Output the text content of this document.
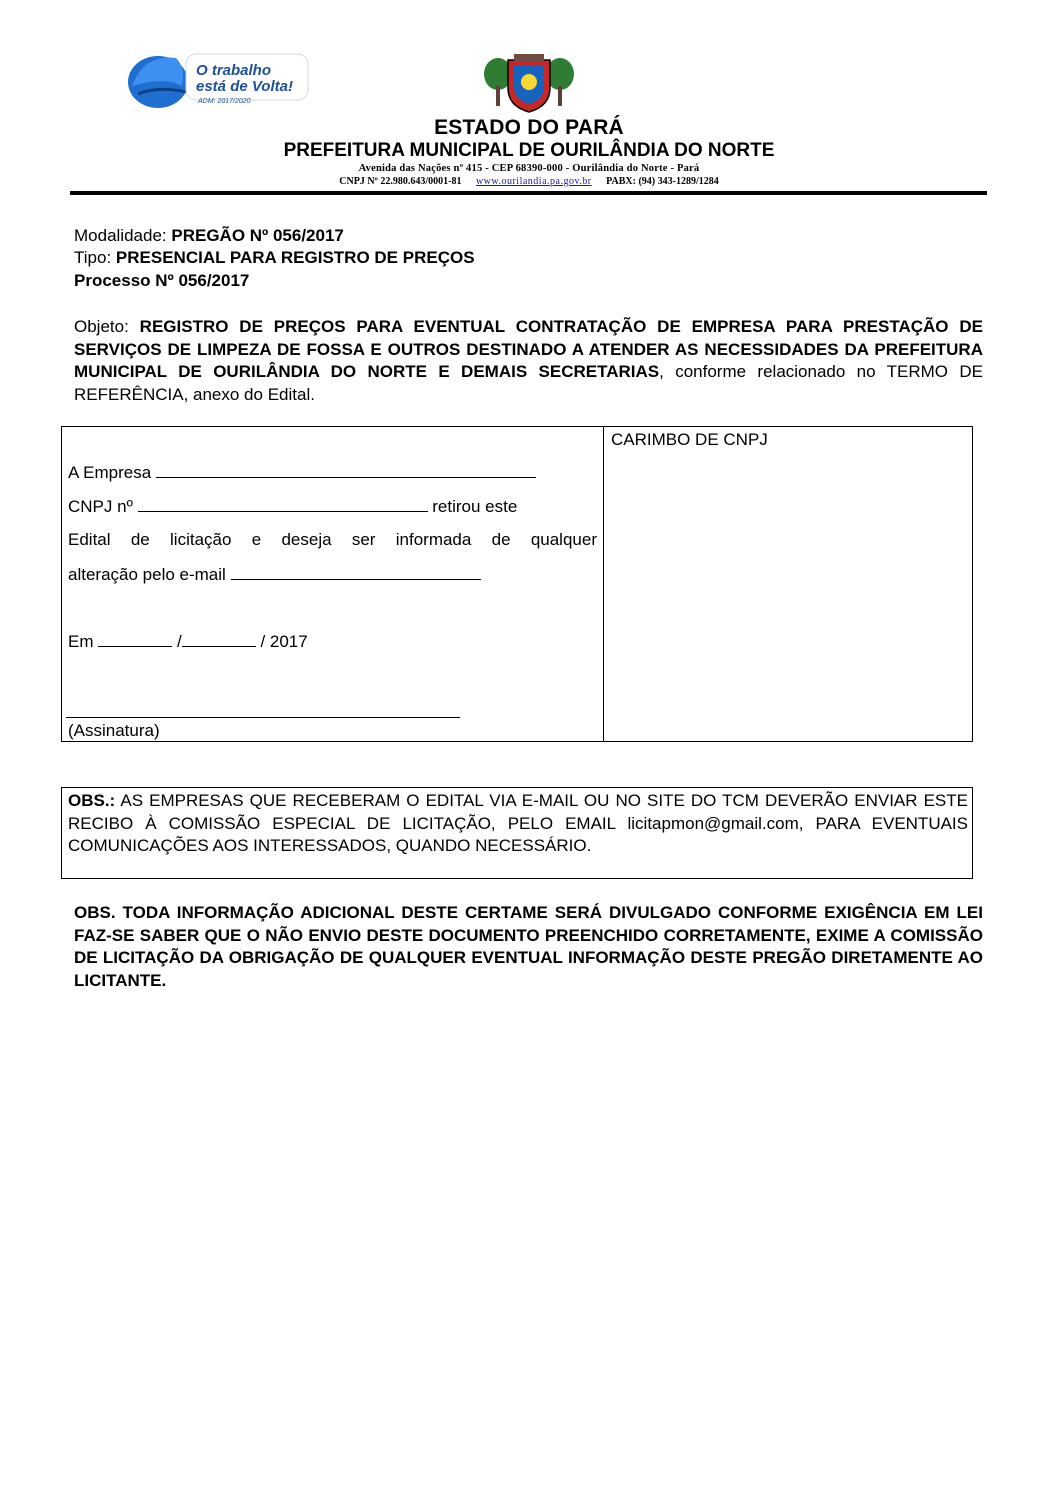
O trabalho
está de Volta!
ADM: 2017/2020
ESTADO DO PARÁ
PREFEITURA MUNICIPAL DE OURILÂNDIA DO NORTE
Avenida das Nações nº 415 - CEP 68390-000 - Ourilândia do Norte - Pará
CNPJ Nº 22.980.643/0001-81 www.ourilandia.pa.gov.br PABX: (94) 343-1289/1284
Modalidade: PREGÃO Nº 056/2017
Tipo: PRESENCIAL PARA REGISTRO DE PREÇOS
Processo Nº 056/2017
Objeto: REGISTRO DE PREÇOS PARA EVENTUAL CONTRATAÇÃO DE EMPRESA PARA PRESTAÇÃO DE SERVIÇOS DE LIMPEZA DE FOSSA E OUTROS DESTINADO A ATENDER AS NECESSIDADES DA PREFEITURA MUNICIPAL DE OURILÂNDIA DO NORTE E DEMAIS SECRETARIAS, conforme relacionado no TERMO DE REFERÊNCIA, anexo do Edital.
CARIMBO DE CNPJ
A Empresa
CNPJ nº	retirou este
Edital de licitação e deseja ser informada de qualquer
alteração pelo e-mail
Em	/	/ 2017
(Assinatura)
OBS.: AS EMPRESAS QUE RECEBERAM O EDITAL VIA E-MAIL OU NO SITE DO TCM DEVERÃO ENVIAR ESTE RECIBO À COMISSÃO ESPECIAL DE LICITAÇÃO, PELO EMAIL licitapmon@gmail.com, PARA EVENTUAIS COMUNICAÇÕES AOS INTERESSADOS, QUANDO NECESSÁRIO.
OBS. TODA INFORMAÇÃO ADICIONAL DESTE CERTAME SERÁ DIVULGADO CONFORME EXIGÊNCIA EM LEI FAZ-SE SABER QUE O NÃO ENVIO DESTE DOCUMENTO PREENCHIDO CORRETAMENTE, EXIME A COMISSÃO DE LICITAÇÃO DA OBRIGAÇÃO DE QUALQUER EVENTUAL INFORMAÇÃO DESTE PREGÃO DIRETAMENTE AO LICITANTE.
